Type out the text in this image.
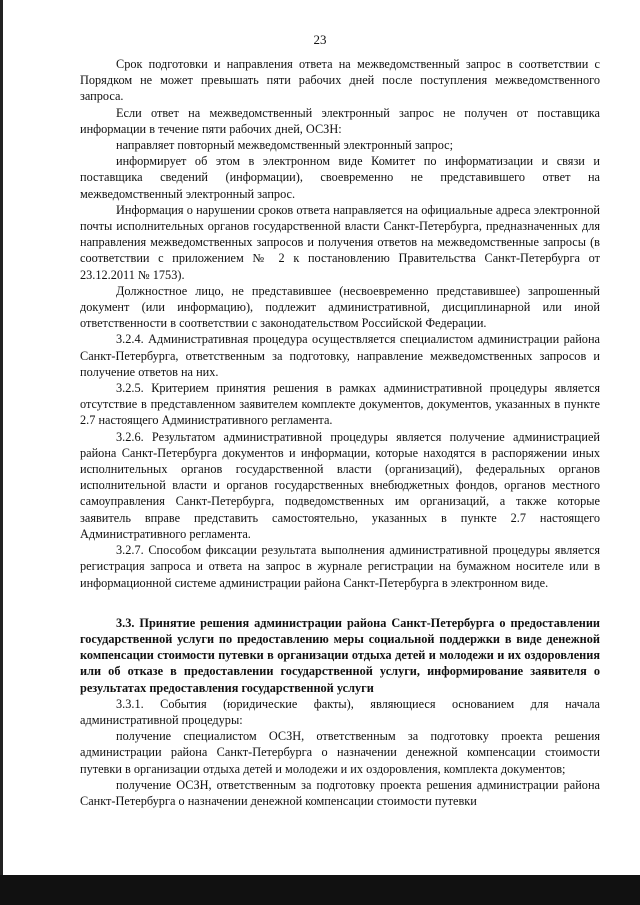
23

Срок подготовки и направления ответа на межведомственный запрос в соответствии с Порядком не может превышать пяти рабочих дней после поступления межведомственного запроса.

Если ответ на межведомственный электронный запрос не получен от поставщика информации в течение пяти рабочих дней, ОСЗН:

направляет повторный межведомственный электронный запрос;

информирует об этом в электронном виде Комитет по информатизации и связи и поставщика сведений (информации), своевременно не представившего ответ на межведомственный электронный запрос.

Информация о нарушении сроков ответа направляется на официальные адреса электронной почты исполнительных органов государственной власти Санкт-Петербурга, предназначенных для направления межведомственных запросов и получения ответов на межведомственные запросы (в соответствии с приложением № 2 к постановлению Правительства Санкт-Петербурга от 23.12.2011 № 1753).

Должностное лицо, не представившее (несвоевременно представившее) запрошенный документ (или информацию), подлежит административной, дисциплинарной или иной ответственности в соответствии с законодательством Российской Федерации.

3.2.4. Административная процедура осуществляется специалистом администрации района Санкт-Петербурга, ответственным за подготовку, направление межведомственных запросов и получение ответов на них.

3.2.5. Критерием принятия решения в рамках административной процедуры является отсутствие в представленном заявителем комплекте документов, документов, указанных в пункте 2.7 настоящего Административного регламента.

3.2.6. Результатом административной процедуры является получение администрацией района Санкт-Петербурга документов и информации, которые находятся в распоряжении иных исполнительных органов государственной власти (организаций), федеральных органов исполнительной власти и органов государственных внебюджетных фондов, органов местного самоуправления Санкт-Петербурга, подведомственных им организаций, а также которые заявитель вправе представить самостоятельно, указанных в пункте 2.7 настоящего Административного регламента.

3.2.7. Способом фиксации результата выполнения административной процедуры является регистрация запроса и ответа на запрос в журнале регистрации на бумажном носителе или в информационной системе администрации района Санкт-Петербурга в электронном виде.

3.3. Принятие решения администрации района Санкт-Петербурга о предоставлении государственной услуги по предоставлению меры социальной поддержки в виде денежной компенсации стоимости путевки в организации отдыха детей и молодежи и их оздоровления или об отказе в предоставлении государственной услуги, информирование заявителя о результатах предоставления государственной услуги

3.3.1. События (юридические факты), являющиеся основанием для начала административной процедуры:

получение специалистом ОСЗН, ответственным за подготовку проекта решения администрации района Санкт-Петербурга о назначении денежной компенсации стоимости путевки в организации отдыха детей и молодежи и их оздоровления, комплекта документов;

получение ОСЗН, ответственным за подготовку проекта решения администрации района Санкт-Петербурга о назначении денежной компенсации стоимости путевки
